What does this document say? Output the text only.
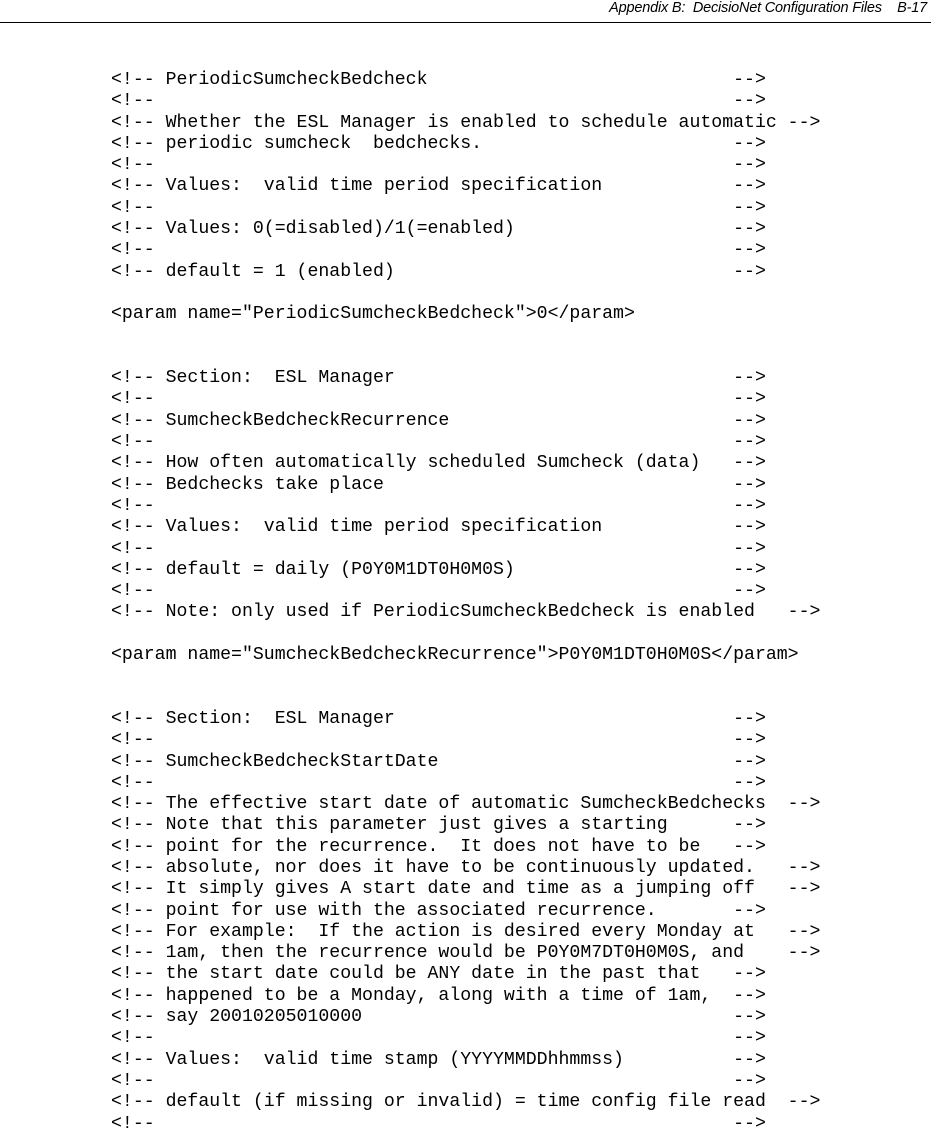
Appendix B:  DecisioNet Configuration Files    B-17
<!-- PeriodicSumcheckBedcheck                            -->
<!--                                                     -->
<!-- Whether the ESL Manager is enabled to schedule automatic -->
<!-- periodic sumcheck  bedchecks.                       -->
<!--                                                     -->
<!-- Values:  valid time period specification            -->
<!--                                                     -->
<!-- Values: 0(=disabled)/1(=enabled)                    -->
<!--                                                     -->
<!-- default = 1 (enabled)                               -->
<param name="PeriodicSumcheckBedcheck">0</param>
<!-- Section:  ESL Manager                               -->
<!--                                                     -->
<!-- SumcheckBedcheckRecurrence                          -->
<!--                                                     -->
<!-- How often automatically scheduled Sumcheck (data)   -->
<!-- Bedchecks take place                                -->
<!--                                                     -->
<!-- Values:  valid time period specification            -->
<!--                                                     -->
<!-- default = daily (P0Y0M1DT0H0M0S)                    -->
<!--                                                     -->
<!-- Note: only used if PeriodicSumcheckBedcheck is enabled   -->
<param name="SumcheckBedcheckRecurrence">P0Y0M1DT0H0M0S</param>
<!-- Section:  ESL Manager                               -->
<!--                                                     -->
<!-- SumcheckBedcheckStartDate                           -->
<!--                                                     -->
<!-- The effective start date of automatic SumcheckBedchecks  -->
<!-- Note that this parameter just gives a starting      -->
<!-- point for the recurrence.  It does not have to be   -->
<!-- absolute, nor does it have to be continuously updated.   -->
<!-- It simply gives A start date and time as a jumping off   -->
<!-- point for use with the associated recurrence.       -->
<!-- For example:  If the action is desired every Monday at   -->
<!-- 1am, then the recurrence would be P0Y0M7DT0H0M0S, and    -->
<!-- the start date could be ANY date in the past that   -->
<!-- happened to be a Monday, along with a time of 1am,  -->
<!-- say 20010205010000                                  -->
<!--                                                     -->
<!-- Values:  valid time stamp (YYYYMMDDhhmmss)          -->
<!--                                                     -->
<!-- default (if missing or invalid) = time config file read  -->
<!--                                                     -->
